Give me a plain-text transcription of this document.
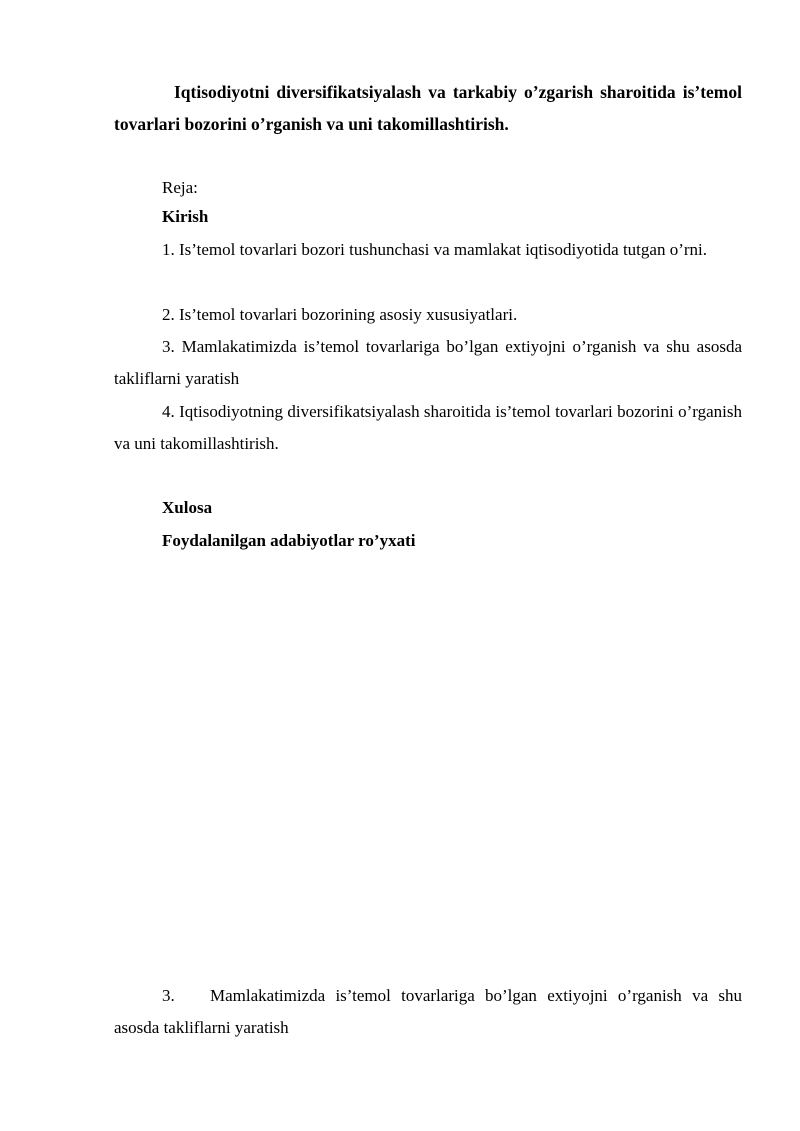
Iqtisodiyotni diversifikatsiyalash va tarkabiy o’zgarish sharoitida is’temol tovarlari bozorini o’rganish va uni takomillashtirish.

Reja:

Kirish

1. Is’temol tovarlari bozori tushunchasi va mamlakat iqtisodiyotida tutgan o’rni.

2. Is’temol tovarlari bozorining asosiy xususiyatlari.

3. Mamlakatimizda is’temol tovarlariga bo’lgan extiyojni o’rganish va shu asosda takliflarni yaratish

4. Iqtisodiyotning diversifikatsiyalash sharoitida is’temol tovarlari bozorini o’rganish va uni takomillashtirish.

Xulosa

Foydalanilgan adabiyotlar ro’yxati

3. Mamlakatimizda is’temol tovarlariga bo’lgan extiyojni o’rganish va shu asosda takliflarni yaratish
